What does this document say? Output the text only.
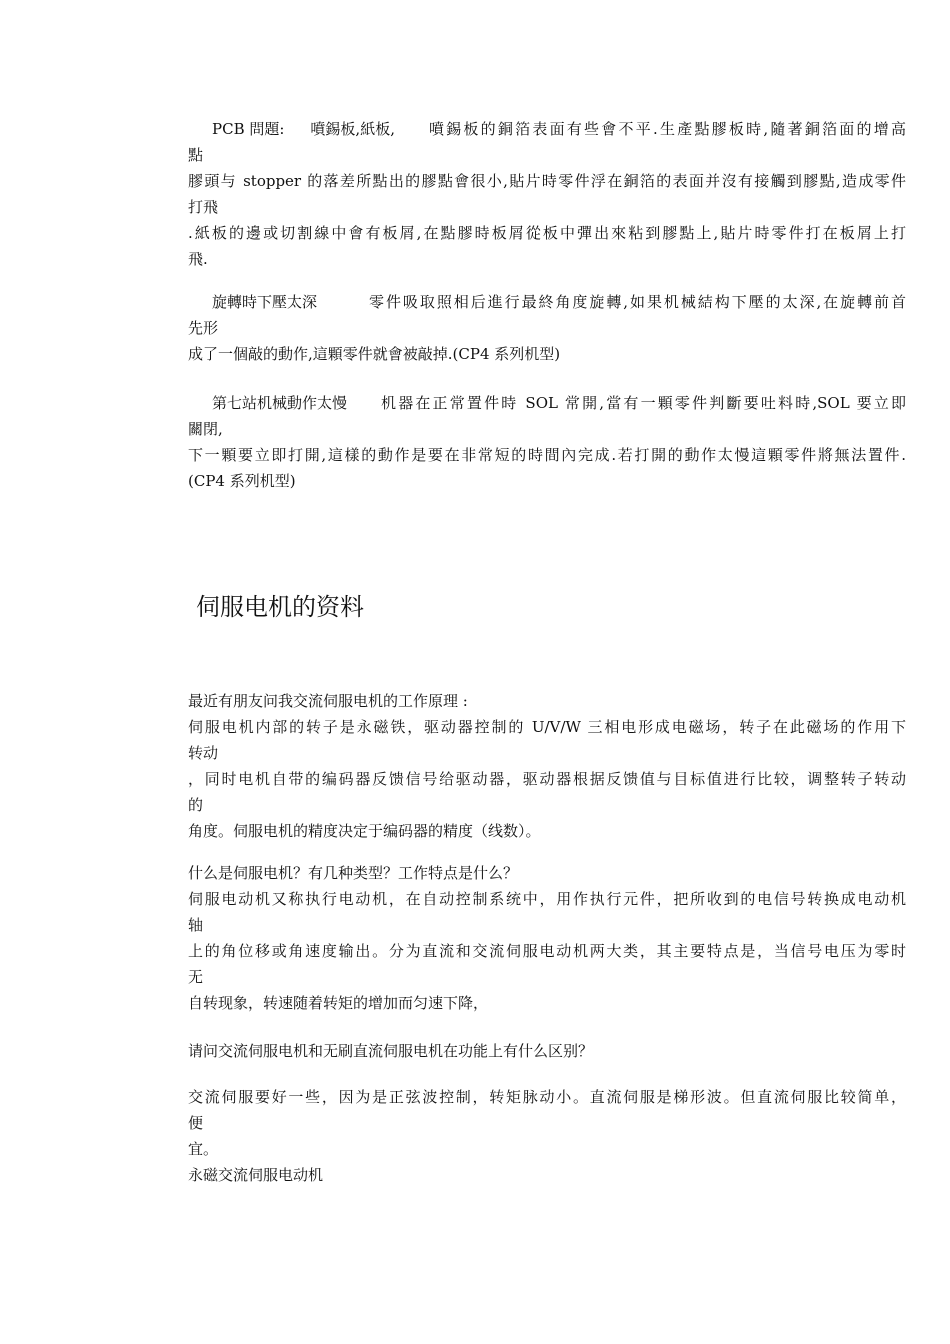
PCB 問題:	噴錫板,紙板,	噴錫板的銅箔表面有些會不平.生產點膠板時,隨著銅箔面的增高
點
膠頭与 stopper 的落差所點出的膠點會很小,貼片時零件浮在銅箔的表面并沒有接觸到膠點,造成零件
打飛
.紙板的邊或切割線中會有板屑,在點膠時板屑從板中彈出來粘到膠點上,貼片時零件打在板屑上打
飛.
旋轉時下壓太深	零件吸取照相后進行最終角度旋轉,如果机械結构下壓的太深,在旋轉前首
先形
成了一個敲的動作,這顆零件就會被敲掉.(CP4 系列机型)
第七站机械動作太慢	机器在正常置件時 SOL 常開,當有一顆零件判斷要吐料時,SOL 要立即
關閉,
下一顆要立即打開,這樣的動作是要在非常短的時間內完成.若打開的動作太慢這顆零件將無法置件.
(CP4 系列机型)
伺服电机的资料
最近有朋友问我交流伺服电机的工作原理 :
伺服电机内部的转子是永磁铁，驱动器控制的 U/V/W 三相电形成电磁场，转子在此磁场的作用下
转动
，同时电机自带的编码器反馈信号给驱动器，驱动器根据反馈值与目标值进行比较，调整转子转动
的
角度。伺服电机的精度决定于编码器的精度（线数）。
什么是伺服电机？有几种类型？工作特点是什么？
伺服电动机又称执行电动机，在自动控制系统中，用作执行元件，把所收到的电信号转换成电动机
轴
上的角位移或角速度输出。分为直流和交流伺服电动机两大类，其主要特点是，当信号电压为零时
无
自转现象，转速随着转矩的增加而匀速下降，
请问交流伺服电机和无刷直流伺服电机在功能上有什么区别？
交流伺服要好一些，因为是正弦波控制，转矩脉动小。直流伺服是梯形波。但直流伺服比较简单，
便
宜。
永磁交流伺服电动机
